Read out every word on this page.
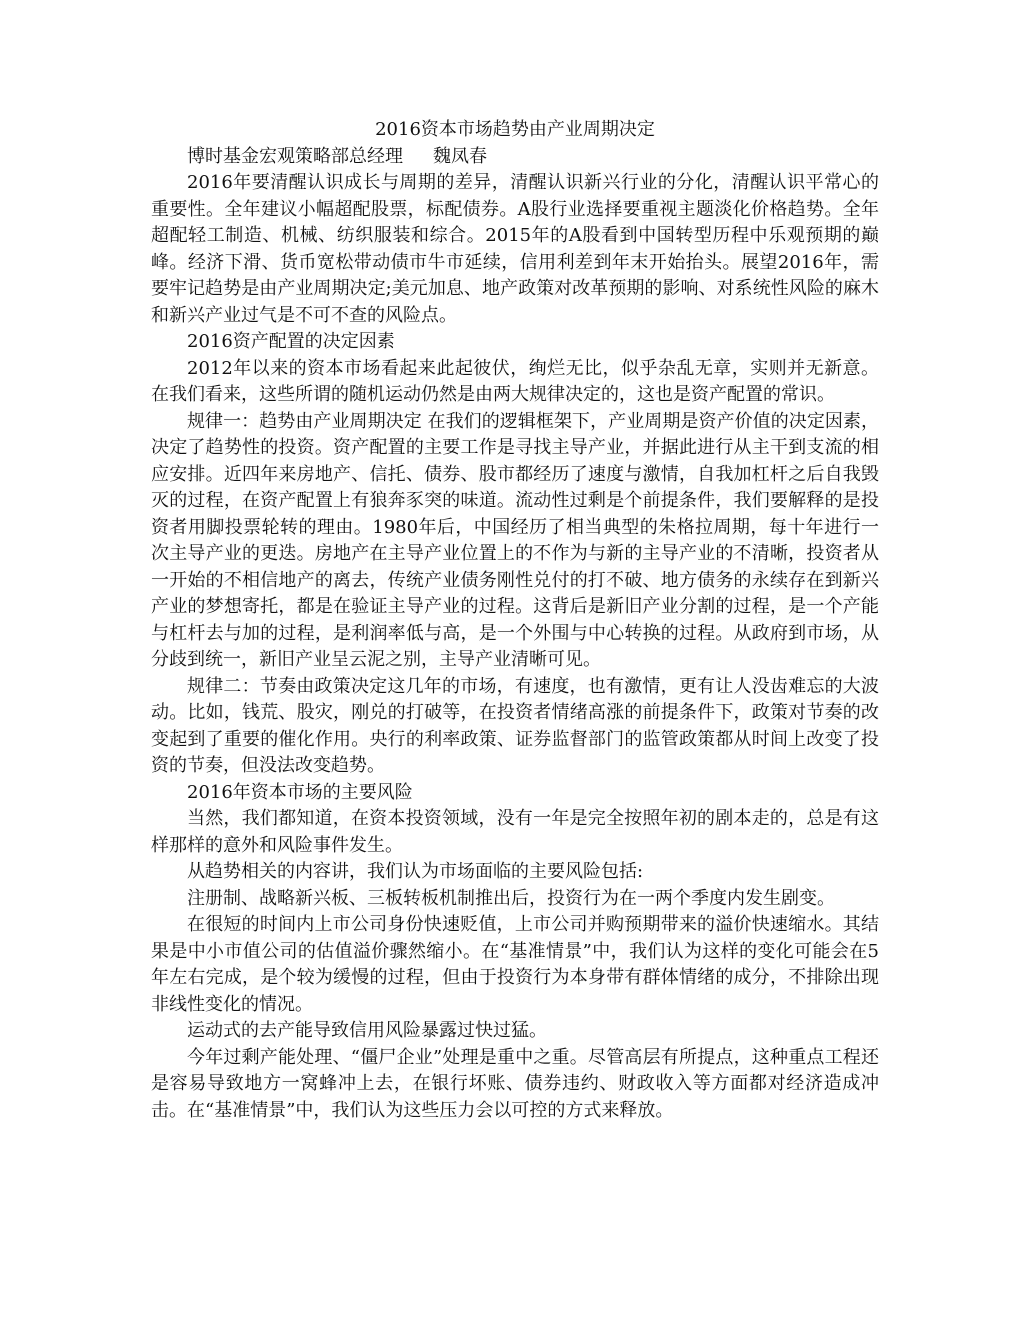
2016资本市场趋势由产业周期决定

博时基金宏观策略部总经理 魏凤春

2016年要清醒认识成长与周期的差异，清醒认识新兴行业的分化，清醒认识平常心的重要性。全年建议小幅超配股票，标配债券。A股行业选择要重视主题淡化价格趋势。全年超配轻工制造、机械、纺织服装和综合。2015年的A股看到中国转型历程中乐观预期的巅峰。经济下滑、货币宽松带动债市牛市延续，信用利差到年末开始抬头。展望2016年，需要牢记趋势是由产业周期决定;美元加息、地产政策对改革预期的影响、对系统性风险的麻木和新兴产业过气是不可不查的风险点。

2016资产配置的决定因素

2012年以来的资本市场看起来此起彼伏，绚烂无比，似乎杂乱无章，实则并无新意。在我们看来，这些所谓的随机运动仍然是由两大规律决定的，这也是资产配置的常识。

规律一：趋势由产业周期决定 在我们的逻辑框架下，产业周期是资产价值的决定因素，决定了趋势性的投资。资产配置的主要工作是寻找主导产业，并据此进行从主干到支流的相应安排。近四年来房地产、信托、债券、股市都经历了速度与激情，自我加杠杆之后自我毁灭的过程，在资产配置上有狼奔豕突的味道。流动性过剩是个前提条件，我们要解释的是投资者用脚投票轮转的理由。1980年后，中国经历了相当典型的朱格拉周期，每十年进行一次主导产业的更迭。房地产在主导产业位置上的不作为与新的主导产业的不清晰，投资者从一开始的不相信地产的离去，传统产业债务刚性兑付的打不破、地方债务的永续存在到新兴产业的梦想寄托，都是在验证主导产业的过程。这背后是新旧产业分割的过程，是一个产能与杠杆去与加的过程，是利润率低与高，是一个外围与中心转换的过程。从政府到市场，从分歧到统一，新旧产业呈云泥之别，主导产业清晰可见。

规律二：节奏由政策决定这几年的市场，有速度，也有激情，更有让人没齿难忘的大波动。比如，钱荒、股灾，刚兑的打破等，在投资者情绪高涨的前提条件下，政策对节奏的改变起到了重要的催化作用。央行的利率政策、证券监督部门的监管政策都从时间上改变了投资的节奏，但没法改变趋势。

2016年资本市场的主要风险

当然，我们都知道，在资本投资领域，没有一年是完全按照年初的剧本走的，总是有这样那样的意外和风险事件发生。

从趋势相关的内容讲，我们认为市场面临的主要风险包括:

注册制、战略新兴板、三板转板机制推出后，投资行为在一两个季度内发生剧变。

在很短的时间内上市公司身份快速贬值，上市公司并购预期带来的溢价快速缩水。其结果是中小市值公司的估值溢价骤然缩小。在“基准情景”中，我们认为这样的变化可能会在5年左右完成，是个较为缓慢的过程，但由于投资行为本身带有群体情绪的成分，不排除出现非线性变化的情况。

运动式的去产能导致信用风险暴露过快过猛。

今年过剩产能处理、“僵尸企业”处理是重中之重。尽管高层有所提点，这种重点工程还是容易导致地方一窝蜂冲上去，在银行坏账、债券违约、财政收入等方面都对经济造成冲击。在“基准情景”中，我们认为这些压力会以可控的方式来释放。
